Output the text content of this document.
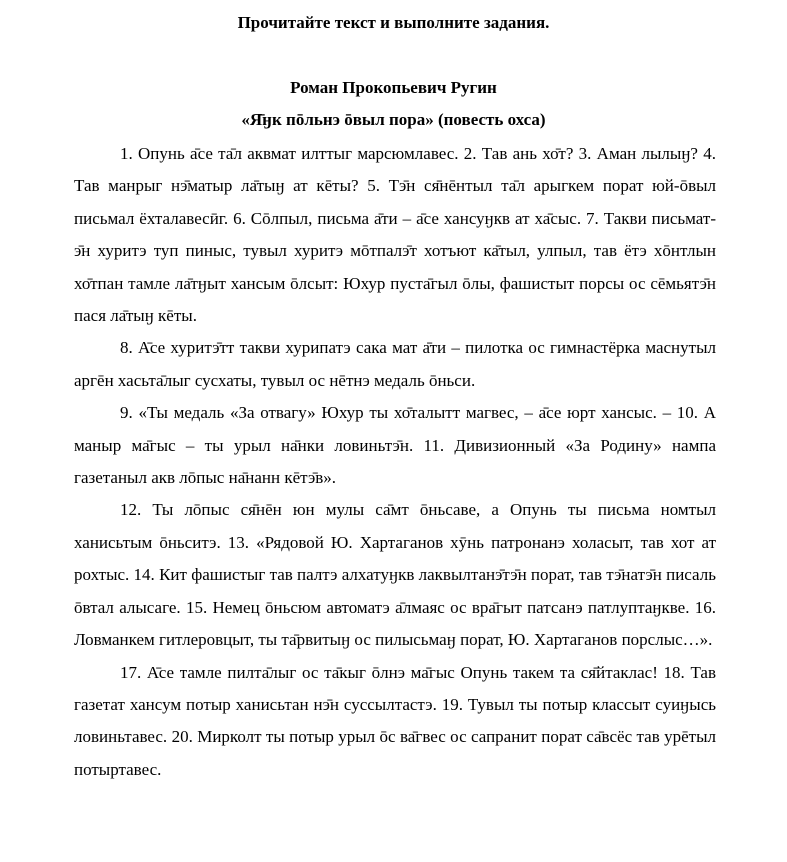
Прочитайте текст и выполните задания.
Роман Прокопьевич Ругин
«Я̄ӈк пōльнэ ōвыл пора» (повесть охса)

1. Опунь а̄се та̄л аквмат илттыг марсюмлавес. 2. Тав ань хо̄т? 3. Аман лылыӈ? 4. Тав манрыг нэ̄матыр ла̄тыӈ ат кēты? 5. Тэ̄н ся̄нēнтыл та̄л арыгкем порат юй-ōвыл письмал ёхталавесӣг. 6. Сōлпыл, письма а̄ти – а̄се хансуӈкв ат ха̄сыс. 7. Такви письматэ̄н хуритэ туп пиныс, тувыл хуритэ мōтпалэ̄т хотъют ка̄тыл, улпыл, тав ётэ хōнтлын хо̄тпан тамле ла̄тӈыт хансым ōлсыт: Юхур пуста̄гыл ōлы, фашистыт порсы ос сēмьятэ̄н пася ла̄тыӈ кēты.

8. А̄се хуритэ̄тт такви хурипатэ сака мат а̄ти – пилотка ос гимнастёрка маснутыл аргēн хасьта̄лыг сусхаты, тувыл ос нēтнэ медаль ōньси.

9. «Ты медаль «За отвагу» Юхур ты хо̄талытт магвес, – а̄се юрт хансыс. – 10. А маныр ма̄гыс – ты урыл на̄нки ловиньтэ̄н. 11. Дивизионный «За Родину» нампа газетаныл акв лōпыс на̄нанн кēтэ̄в».

12. Ты лōпыс ся̄нēн юн мулы са̄мт ōньсаве, а Опунь ты письма номтыл ханисьтым ōньситэ. 13. «Рядовой Ю. Хартаганов хӯнь патронанэ холасыт, тав хот ат рохтыс. 14. Кит фашистыг тав палтэ алхатуӈкв лаквылтанэ̄тэ̄н порат, тав тэ̄натэ̄н писаль ōвтал алысаге. 15. Немец ōньсюм автоматэ а̄лмаяс ос вра̄гыт патсанэ патлуптаӈкве. 16. Ловманкем гитлеровцыт, ты та̄рвитыӈ ос пилысьмаӈ порат, Ю. Хартаганов порслыс…».

17. А̄се тамле пилта̄лыг ос та̄кыг ōлнэ ма̄гыс Опунь такем та ся̄йтаклас! 18. Тав газетат хансум потыр ханисьтан нэ̄н суссылтастэ. 19. Тувыл ты потыр классыт суиӈысь ловиньтавес. 20. Мирколт ты потыр урыл ōс ва̄гвес ос сапранит порат са̄всёс тав урēтыл потыртавес.
